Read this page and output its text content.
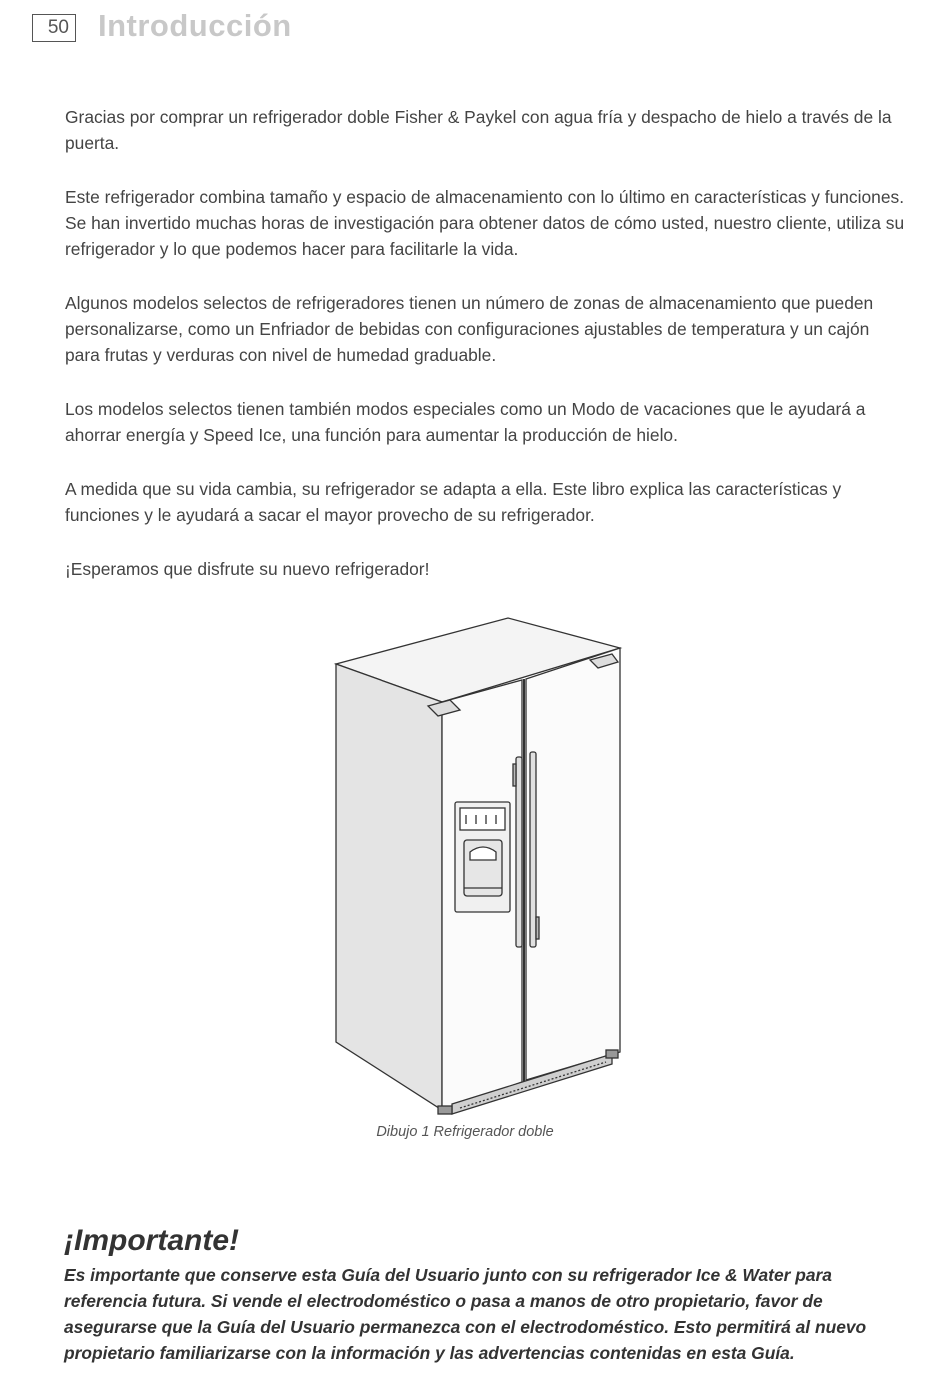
50 Introducción

Gracias por comprar un refrigerador doble Fisher & Paykel con agua fría y despacho de hielo a través de la puerta.

Este refrigerador combina tamaño y espacio de almacenamiento con lo último en características y funciones. Se han invertido muchas horas de investigación para obtener datos de cómo usted, nuestro cliente, utiliza su refrigerador y lo que podemos hacer para facilitarle la vida.

Algunos modelos selectos de refrigeradores tienen un número de zonas de almacenamiento que pueden personalizarse, como un Enfriador de bebidas con configuraciones ajustables de temperatura y un cajón para frutas y verduras con nivel de humedad graduable.

Los modelos selectos tienen también modos especiales como un Modo de vacaciones que le ayudará a ahorrar energía y Speed Ice, una función para aumentar la producción de hielo.

A medida que su vida cambia, su refrigerador se adapta a ella. Este libro explica las características y funciones y le ayudará a sacar el mayor provecho de su refrigerador.

¡Esperamos que disfrute su nuevo refrigerador!

Dibujo 1 Refrigerador doble
¡Importante!
Es importante que conserve esta Guía del Usuario junto con su refrigerador Ice & Water para referencia futura. Si vende el electrodoméstico o pasa a manos de otro propietario, favor de asegurarse que la Guía del Usuario permanezca con el electrodoméstico. Esto permitirá al nuevo propietario familiarizarse con la información y las advertencias contenidas en esta Guía.
